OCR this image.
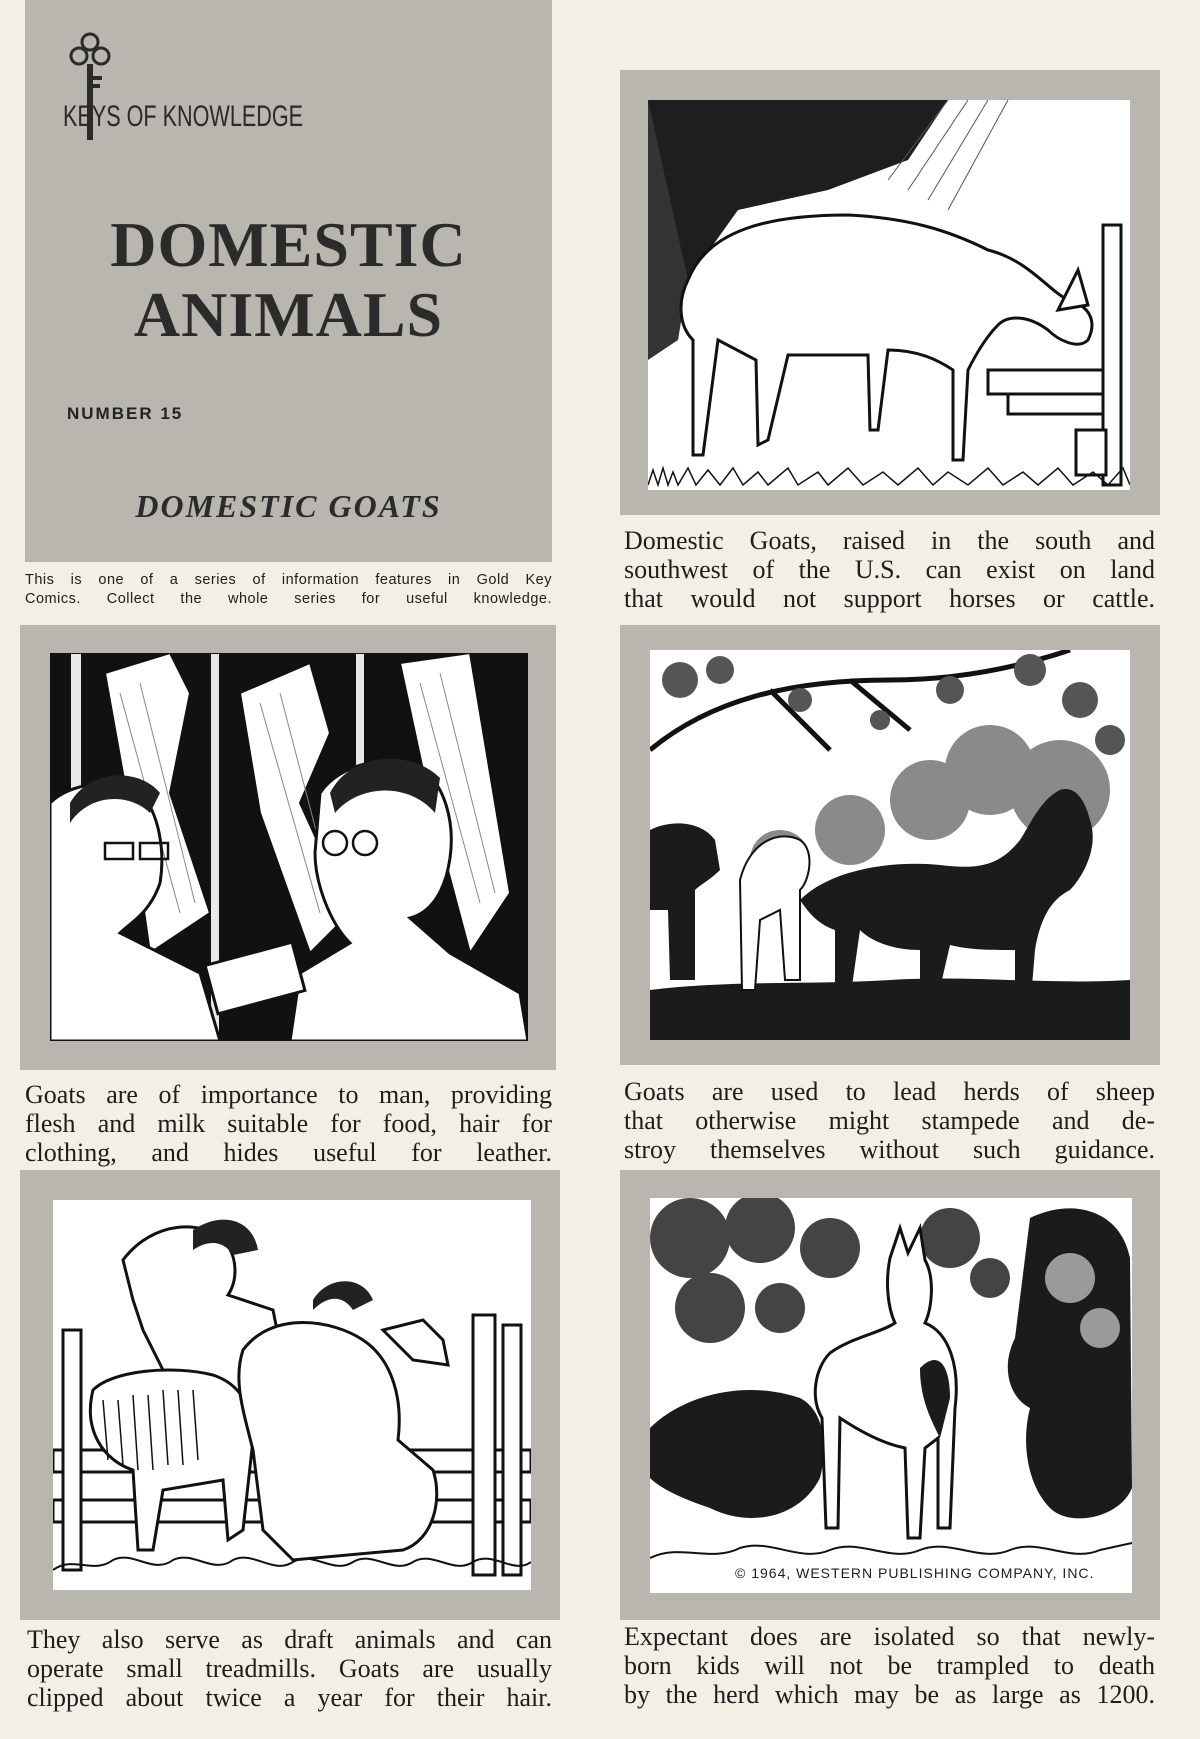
KEYS OF KNOWLEDGE
DOMESTIC
ANIMALS
NUMBER 15
DOMESTIC GOATS
This is one of a series of information features in Gold Key
Comics. Collect the whole series for useful knowledge.
Domestic Goats, raised in the south and
southwest of the U.S. can exist on land
that would not support horses or cattle.
Goats are of importance to man, providing
flesh and milk suitable for food, hair for
clothing, and hides useful for leather.
Goats are used to lead herds of sheep
that otherwise might stampede and de-
stroy themselves without such guidance.
They also serve as draft animals and can
operate small treadmills. Goats are usually
clipped about twice a year for their hair.
© 1964, WESTERN PUBLISHING COMPANY, INC.
Expectant does are isolated so that newly-
born kids will not be trampled to death
by the herd which may be as large as 1200.
